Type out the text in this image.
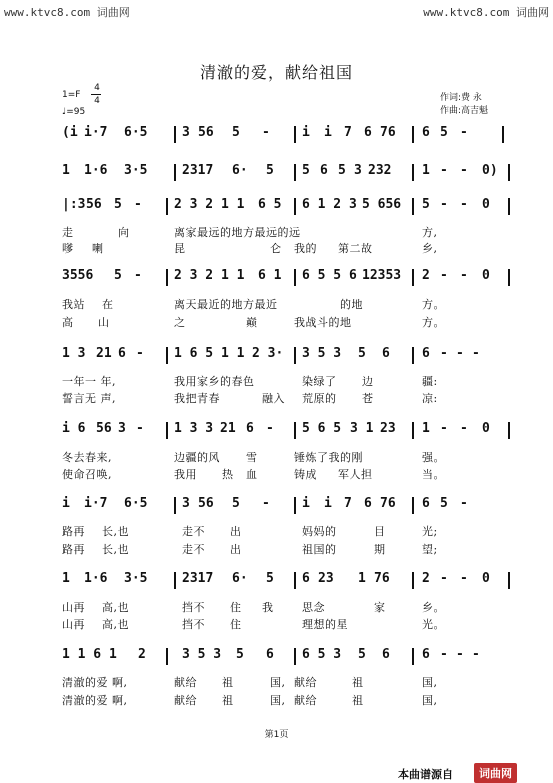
www.ktvc8.com 词曲网	www.ktvc8.com 词曲网
清澈的爱，献给祖国
1=F
4
4
♩=95
作词:费 永
作曲:高吉魁
(i i·7 6·5	3 56 5 - i i 7 6 76 6 5 -
1 1·6 3·5	2317 6· 5 5 6 5 3 232 1 - - 0)
|:3 56 5 - 2 3 2 1 1 6 5 6 1 2 3 5 656 5 - - 0
3556 5 - 2 3 2 1 1 6 1 6 5 5 6 12353 2 - - 0
1 3 21 6 - 1 6 5 1 1 2 3· 3 5 3 5 6 6 - - -
i 6 56 3 - 1 3 3 21 6 - 5 6 5 3 1 23 1 - - 0
i i·7 6·5	3 56 5 - i i 7 6 76 6 5 -
1 1·6 3·5	2317 6· 5 6 23 1 76 2 - - 0
1 1 6 1 2	3 5 3 5 6 6 5 3 5 6 6 - - -
走	向	离家最远的地方最远的远	方,
嗲 喇	昆	仑 我的 第二故	乡,
我站 在	离天最近的地方最近	的地	方。
高 山	之	巅	我战斗的地	方。
一年一 年,	我用家乡的春色	染绿了 边	疆:
誓言无 声,	我把青春	融入 荒原的 苍	凉:
冬去春来,	边疆的风 雪	锤炼了我的刚	强。
使命召唤,	我用 热 血	铸成 军人担	当。
路再 长,也	走不 出	妈妈的	目	光;
路再 长,也	走不 出	祖国的	期	望;
山再 高,也	挡不 住 我	思念	家	乡。
山再 高,也	挡不 住	理想的星	光。
清澈的爱 啊,	献给 祖	国, 献给	祖	国,
清澈的爱 啊,	献给 祖	国, 献给	祖	国,
第1页
本曲谱源自	词曲网
